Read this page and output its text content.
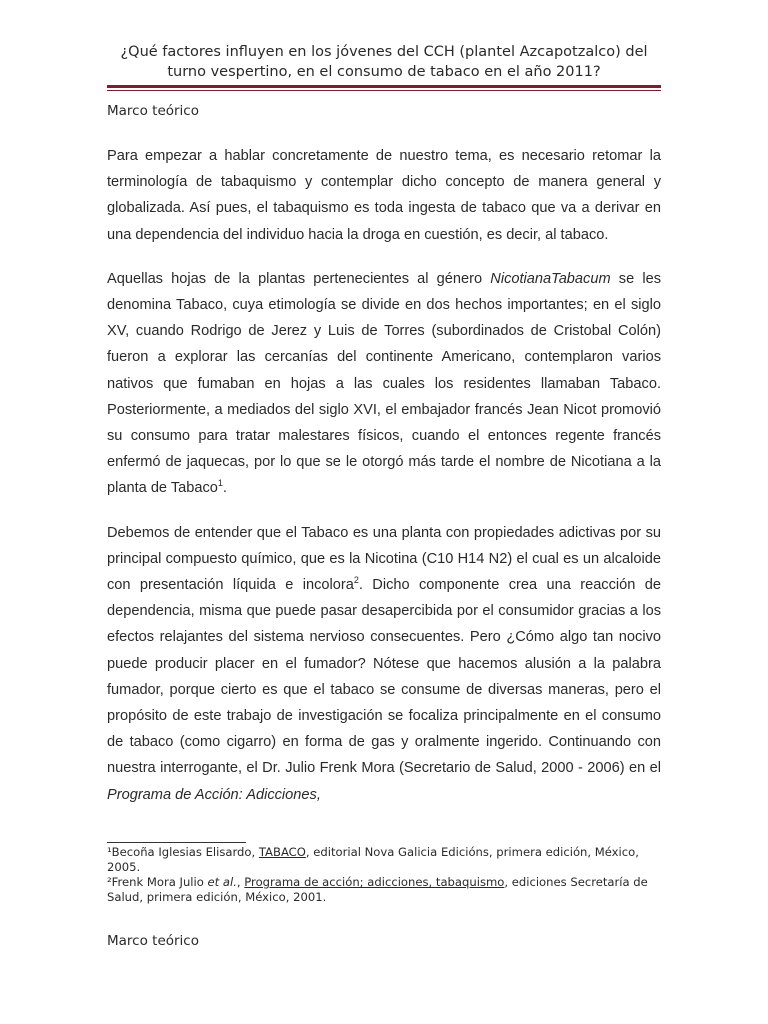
¿Qué factores influyen en los jóvenes del CCH (plantel Azcapotzalco) del turno vespertino, en el consumo de tabaco en el año 2011?
Marco teórico

Para empezar a hablar concretamente de nuestro tema, es necesario retomar la terminología de tabaquismo y contemplar dicho concepto de manera general y globalizada. Así pues, el tabaquismo es toda ingesta de tabaco que va a derivar en una dependencia del individuo hacia la droga en cuestión, es decir, al tabaco.

Aquellas hojas de la plantas pertenecientes al género NicotianaTabacum se les denomina Tabaco, cuya etimología se divide en dos hechos importantes; en el siglo XV, cuando Rodrigo de Jerez y Luis de Torres (subordinados de Cristobal Colón) fueron a explorar las cercanías del continente Americano, contemplaron varios nativos que fumaban en hojas a las cuales los residentes llamaban Tabaco. Posteriormente, a mediados del siglo XVI, el embajador francés Jean Nicot promovió su consumo para tratar malestares físicos, cuando el entonces regente francés enfermó de jaquecas, por lo que se le otorgó más tarde el nombre de Nicotiana a la planta de Tabaco$^1$.

Debemos de entender que el Tabaco es una planta con propiedades adictivas por su principal compuesto químico, que es la Nicotina (C10 H14 N2) el cual es un alcaloide con presentación líquida e incolora$^2$. Dicho componente crea una reacción de dependencia, misma que puede pasar desapercibida por el consumidor gracias a los efectos relajantes del sistema nervioso consecuentes. Pero ¿Cómo algo tan nocivo puede producir placer en el fumador? Nótese que hacemos alusión a la palabra fumador, porque cierto es que el tabaco se consume de diversas maneras, pero el propósito de este trabajo de investigación se focaliza principalmente en el consumo de tabaco (como cigarro) en forma de gas y oralmente ingerido. Continuando con nuestra interrogante, el Dr. Julio Frenk Mora (Secretario de Salud, 2000 - 2006) en el Programa de Acción: Adicciones,

¹Becoña Iglesias Elisardo, TABACO, editorial Nova Galicia Edicións, primera edición, México, 2005.
²Frenk Mora Julio et al., Programa de acción; adicciones, tabaquismo, ediciones Secretaría de Salud, primera edición, México, 2001.
Marco teórico
